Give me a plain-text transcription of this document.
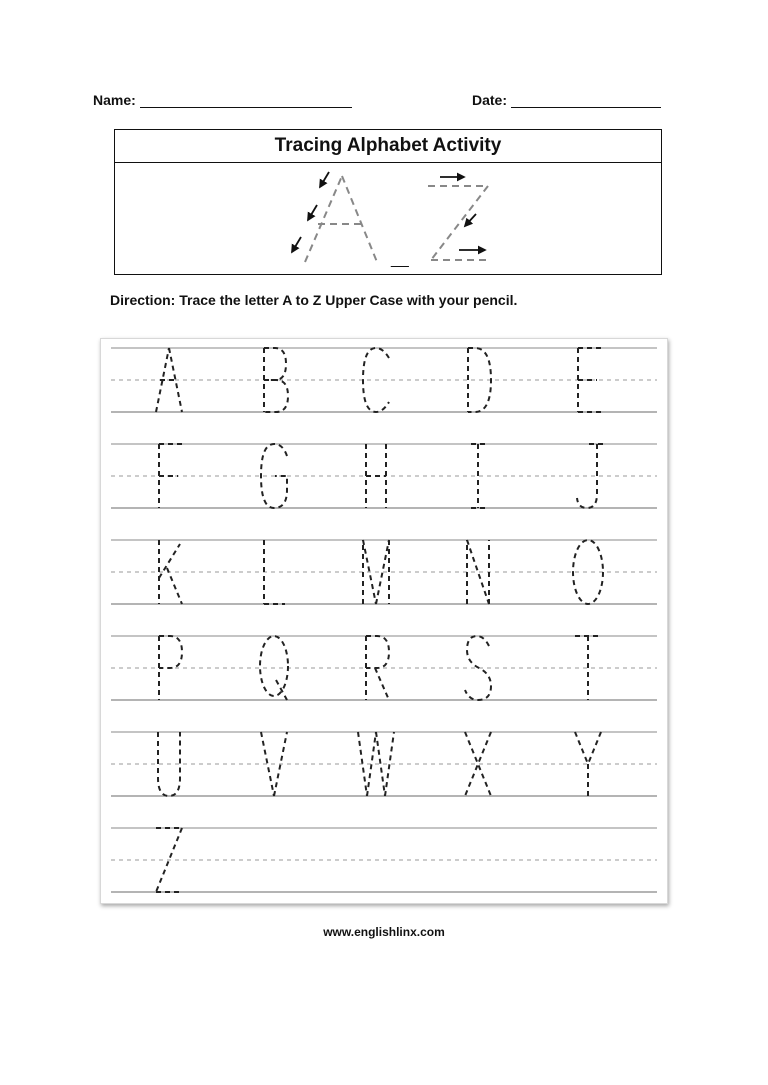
Name:	Date:
Tracing Alphabet Activity
A
__
Z
Direction: Trace the letter A to Z Upper Case with your pencil.
www.englishlinx.com
